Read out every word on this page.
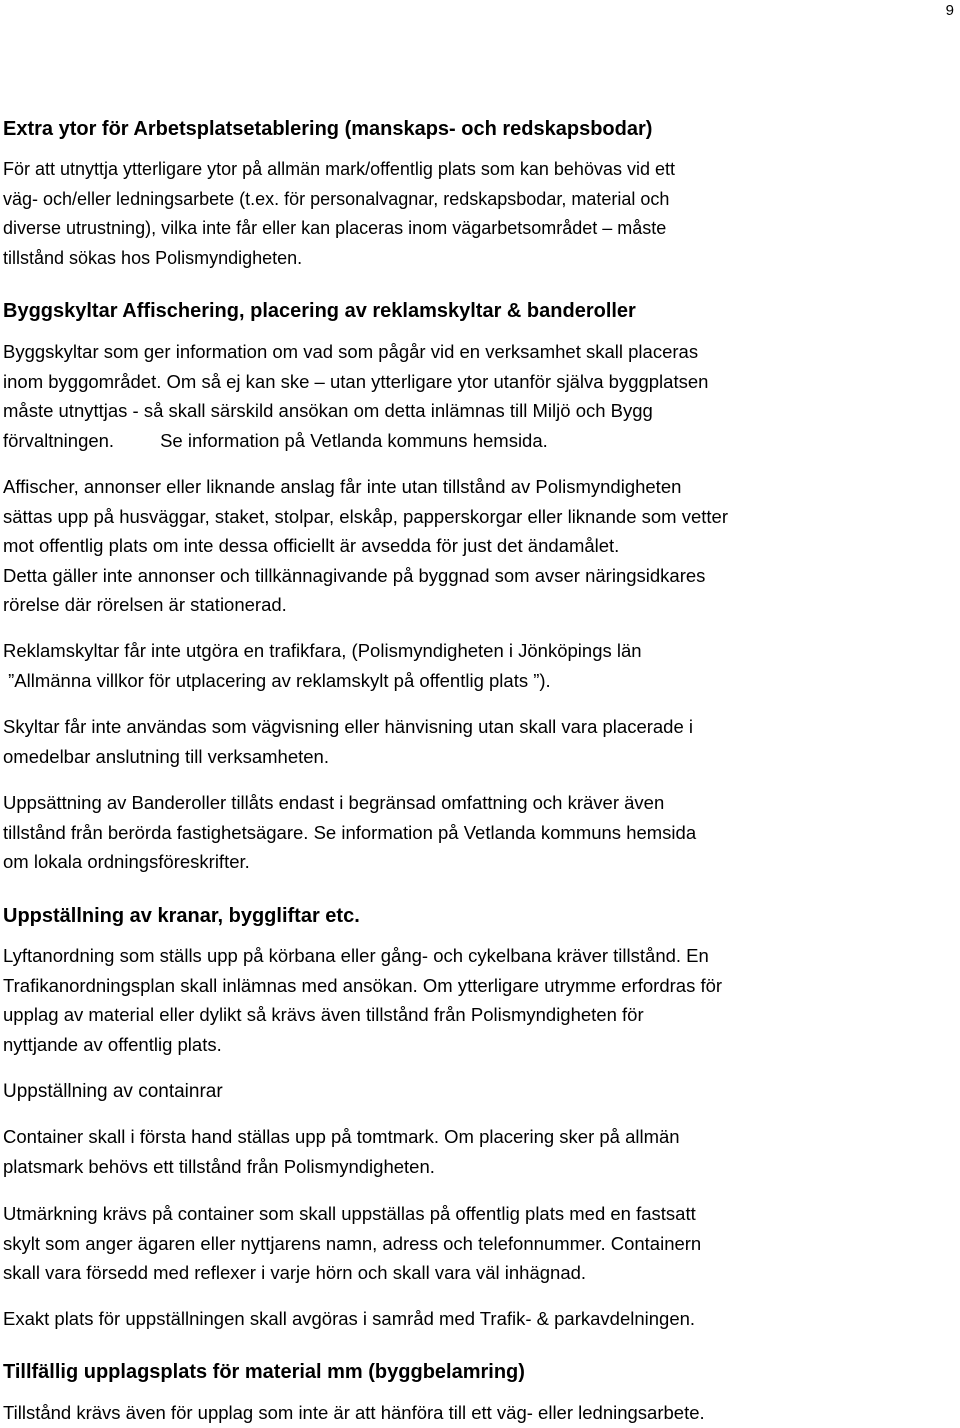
9
Extra ytor för Arbetsplatsetablering (manskaps- och redskapsbodar)
För att utnyttja ytterligare ytor på allmän mark/offentlig plats som kan behövas vid ett
väg- och/eller ledningsarbete (t.ex. för personalvagnar, redskapsbodar, material och
diverse utrustning), vilka inte får eller kan placeras inom vägarbetsområdet – måste
tillstånd sökas hos Polismyndigheten.
Byggskyltar Affischering, placering av reklamskyltar & banderoller
Byggskyltar som ger information om vad som pågår vid en verksamhet skall placeras
inom byggområdet. Om så ej kan ske – utan ytterligare ytor utanför själva byggplatsen
måste utnyttjas - så skall särskild ansökan om detta inlämnas till Miljö och Bygg
förvaltningen. Se information på Vetlanda kommuns hemsida.
Affischer, annonser eller liknande anslag får inte utan tillstånd av Polismyndigheten
sättas upp på husväggar, staket, stolpar, elskåp, papperskorgar eller liknande som vetter
mot offentlig plats om inte dessa officiellt är avsedda för just det ändamålet.
Detta gäller inte annonser och tillkännagivande på byggnad som avser näringsidkares
rörelse där rörelsen är stationerad.
Reklamskyltar får inte utgöra en trafikfara, (Polismyndigheten i Jönköpings län
”Allmänna villkor för utplacering av reklamskylt på offentlig plats ”).
Skyltar får inte användas som vägvisning eller hänvisning utan skall vara placerade i
omedelbar anslutning till verksamheten.
Uppsättning av Banderoller tillåts endast i begränsad omfattning och kräver även
tillstånd från berörda fastighetsägare. Se information på Vetlanda kommuns hemsida
om lokala ordningsföreskrifter.
Uppställning av kranar, byggliftar etc.
Lyftanordning som ställs upp på körbana eller gång- och cykelbana kräver tillstånd. En
Trafikanordningsplan skall inlämnas med ansökan. Om ytterligare utrymme erfordras för
upplag av material eller dylikt så krävs även tillstånd från Polismyndigheten för
nyttjande av offentlig plats.
Uppställning av containrar
Container skall i första hand ställas upp på tomtmark. Om placering sker på allmän
platsmark behövs ett tillstånd från Polismyndigheten.
Utmärkning krävs på container som skall uppställas på offentlig plats med en fastsatt
skylt som anger ägaren eller nyttjarens namn, adress och telefonnummer. Containern
skall vara försedd med reflexer i varje hörn och skall vara väl inhägnad.
Exakt plats för uppställningen skall avgöras i samråd med Trafik- & parkavdelningen.
Tillfällig upplagsplats för material mm (byggbelamring)
Tillstånd krävs även för upplag som inte är att hänföra till ett väg- eller ledningsarbete.
